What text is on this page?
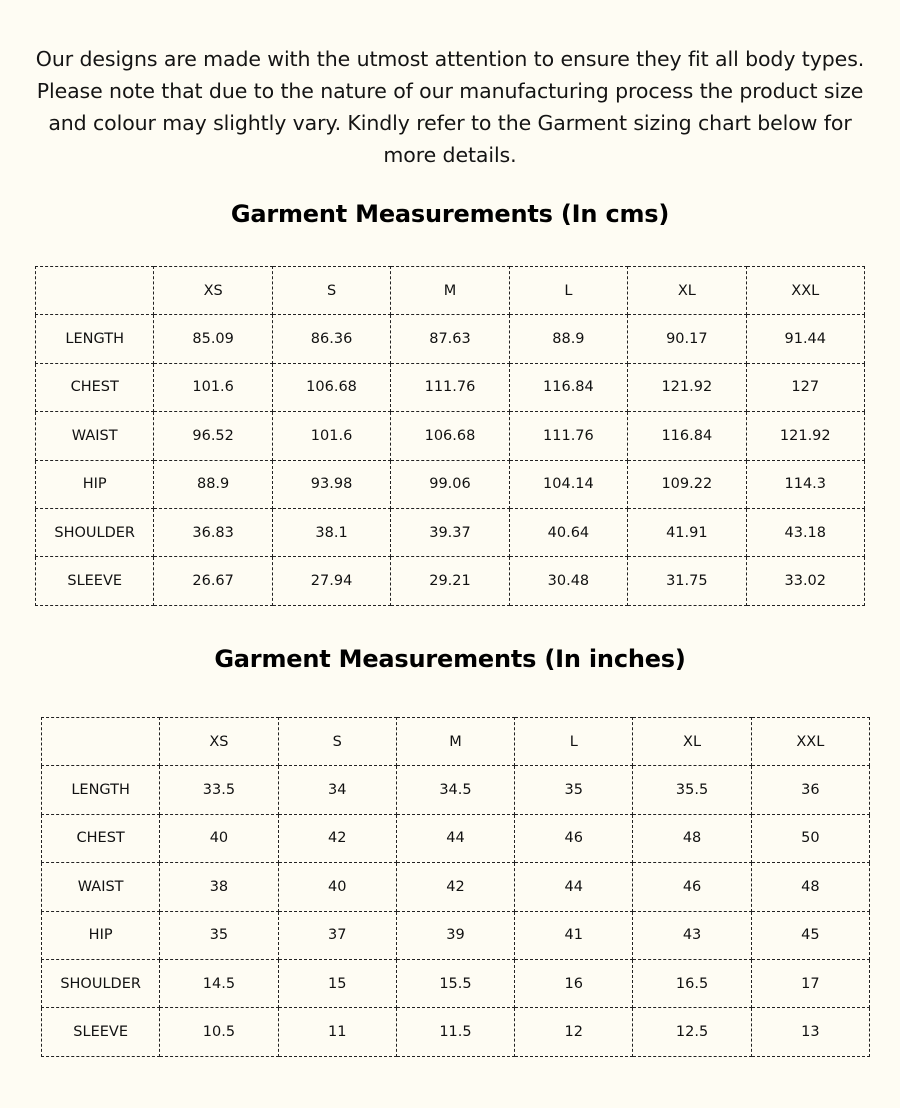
Our designs are made with the utmost attention to ensure they fit all body types. Please note that due to the nature of our manufacturing process the product size and colour may slightly vary. Kindly refer to the Garment sizing chart below for more details.

Garment Measurements (In cms)
	XS	S	M	L	XL	XXL
LENGTH	85.09	86.36	87.63	88.9	90.17	91.44
CHEST	101.6	106.68	111.76	116.84	121.92	127
WAIST	96.52	101.6	106.68	111.76	116.84	121.92
HIP	88.9	93.98	99.06	104.14	109.22	114.3
SHOULDER	36.83	38.1	39.37	40.64	41.91	43.18
SLEEVE	26.67	27.94	29.21	30.48	31.75	33.02
Garment Measurements (In inches)
	XS	S	M	L	XL	XXL
LENGTH	33.5	34	34.5	35	35.5	36
CHEST	40	42	44	46	48	50
WAIST	38	40	42	44	46	48
HIP	35	37	39	41	43	45
SHOULDER	14.5	15	15.5	16	16.5	17
SLEEVE	10.5	11	11.5	12	12.5	13
